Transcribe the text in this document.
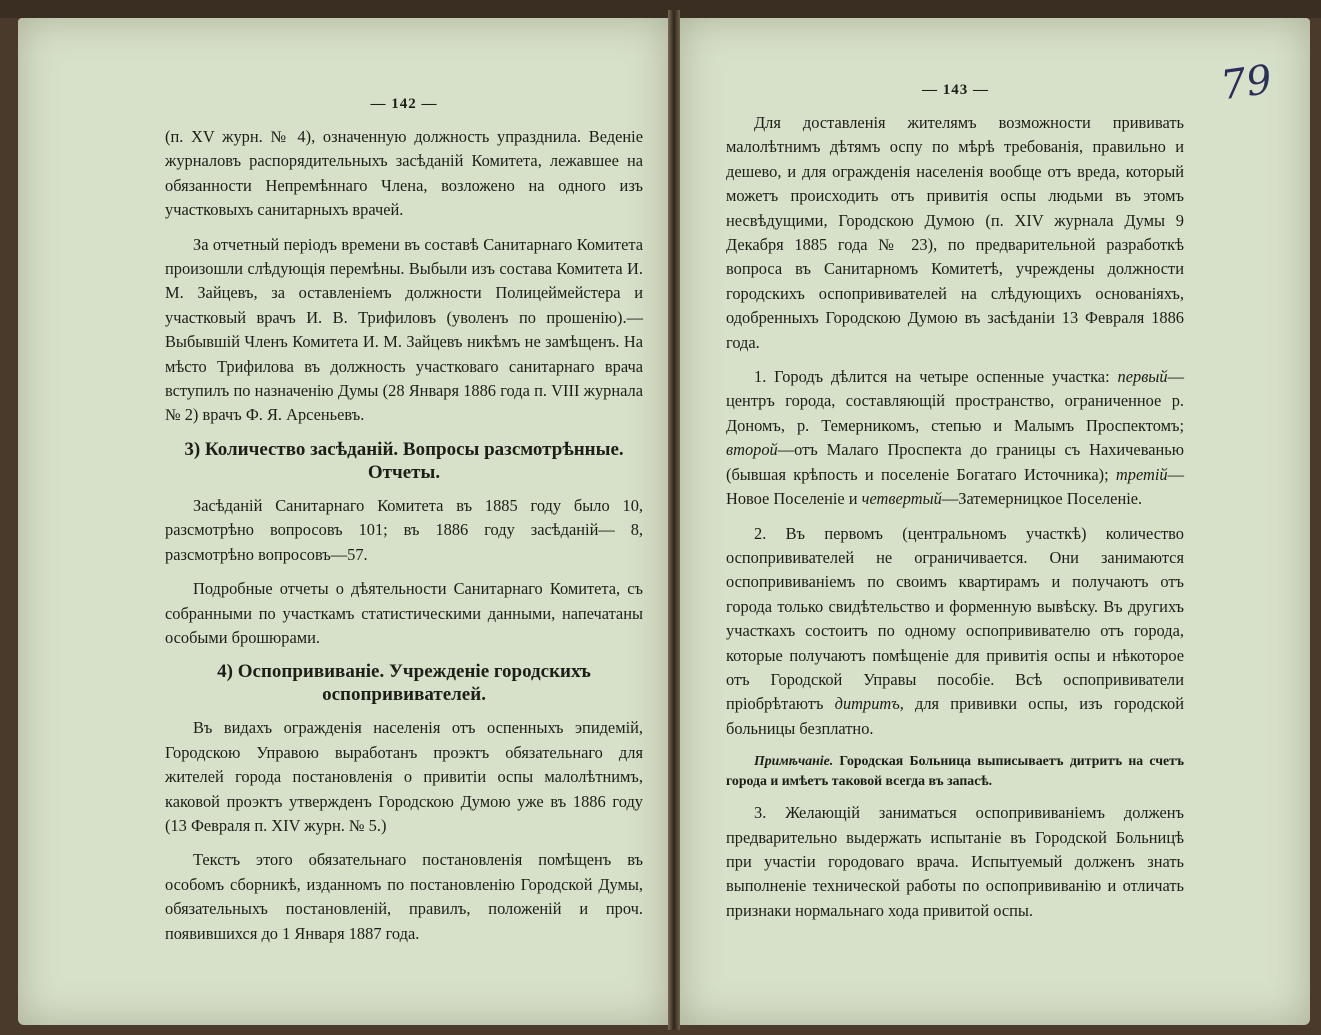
— 142 —

(п. XV журн. № 4), означенную должность упразднила. Веденіе журналовъ распорядительныхъ засѣданій Комитета, лежавшее на обязанности Непремѣннаго Члена, возложено на одного изъ участковыхъ санитарныхъ врачей.

За отчетный періодъ времени въ составѣ Санитарнаго Комитета произошли слѣдующія перемѣны. Выбыли изъ состава Комитета И. М. Зайцевъ, за оставленіемъ должности Полицеймейстера и участковый врачъ И. В. Трифиловъ (уволенъ по прошенію).—Выбывшій Членъ Комитета И. М. Зайцевъ никѣмъ не замѣщенъ. На мѣсто Трифилова въ должность участковаго санитарнаго врача вступилъ по назначенію Думы (28 Января 1886 года п. VIII журнала № 2) врачъ Ф. Я. Арсеньевъ.

3) Количество засѣданій. Вопросы разсмотрѣнные. Отчеты.

Засѣданій Санитарнаго Комитета въ 1885 году было 10, разсмотрѣно вопросовъ 101; въ 1886 году засѣданій— 8, разсмотрѣно вопросовъ—57.

Подробные отчеты о дѣятельности Санитарнаго Комитета, съ собранными по участкамъ статистическими данными, напечатаны особыми брошюрами.

4) Оспопрививаніе. Учрежденіе городскихъ оспопрививателей.

Въ видахъ огражденія населенія отъ оспенныхъ эпидемій, Городскою Управою выработанъ проэктъ обязательнаго для жителей города постановленія о привитіи оспы малолѣтнимъ, каковой проэктъ утвержденъ Городскою Думою уже въ 1886 году (13 Февраля п. XIV журн. № 5.)

Текстъ этого обязательнаго постановленія помѣщенъ въ особомъ сборникѣ, изданномъ по постановленію Городской Думы, обязательныхъ постановленій, правилъ, положеній и проч. появившихся до 1 Января 1887 года.

79
— 143 —

Для доставленія жителямъ возможности прививать малолѣтнимъ дѣтямъ оспу по мѣрѣ требованія, правильно и дешево, и для огражденія населенія вообще отъ вреда, который можетъ происходить отъ привитія оспы людьми въ этомъ несвѣдущими, Городскою Думою (п. XIV журнала Думы 9 Декабря 1885 года № 23), по предварительной разработкѣ вопроса въ Санитарномъ Комитетѣ, учреждены должности городскихъ оспопрививателей на слѣдующихъ основаніяхъ, одобренныхъ Городскою Думою въ засѣданіи 13 Февраля 1886 года.

1. Городъ дѣлится на четыре оспенные участка: первый—центръ города, составляющій пространство, ограниченное р. Дономъ, р. Темерникомъ, степью и Малымъ Проспектомъ; второй—отъ Малаго Проспекта до границы съ Нахичеванью (бывшая крѣпость и поселеніе Богатаго Источника); третій—Новое Поселеніе и четвертый—Затемерницкое Поселеніе.

2. Въ первомъ (центральномъ участкѣ) количество оспопрививателей не ограничивается. Они занимаются оспопрививаніемъ по своимъ квартирамъ и получаютъ отъ города только свидѣтельство и форменную вывѣску. Въ другихъ участкахъ состоитъ по одному оспопрививателю отъ города, которые получаютъ помѣщеніе для привитія оспы и нѣкоторое отъ Городской Управы пособіе. Всѣ оспопрививатели пріобрѣтаютъ дитритъ, для прививки оспы, изъ городской больницы безплатно.

Примѣчаніе. Городская Больница выписываетъ дитритъ на счетъ города и имѣетъ таковой всегда въ запасѣ.

3. Желающій заниматься оспопрививаніемъ долженъ предварительно выдержать испытаніе въ Городской Больницѣ при участіи городоваго врача. Испытуемый долженъ знать выполненіе технической работы по оспопрививанію и отличать признаки нормальнаго хода привитой оспы.
